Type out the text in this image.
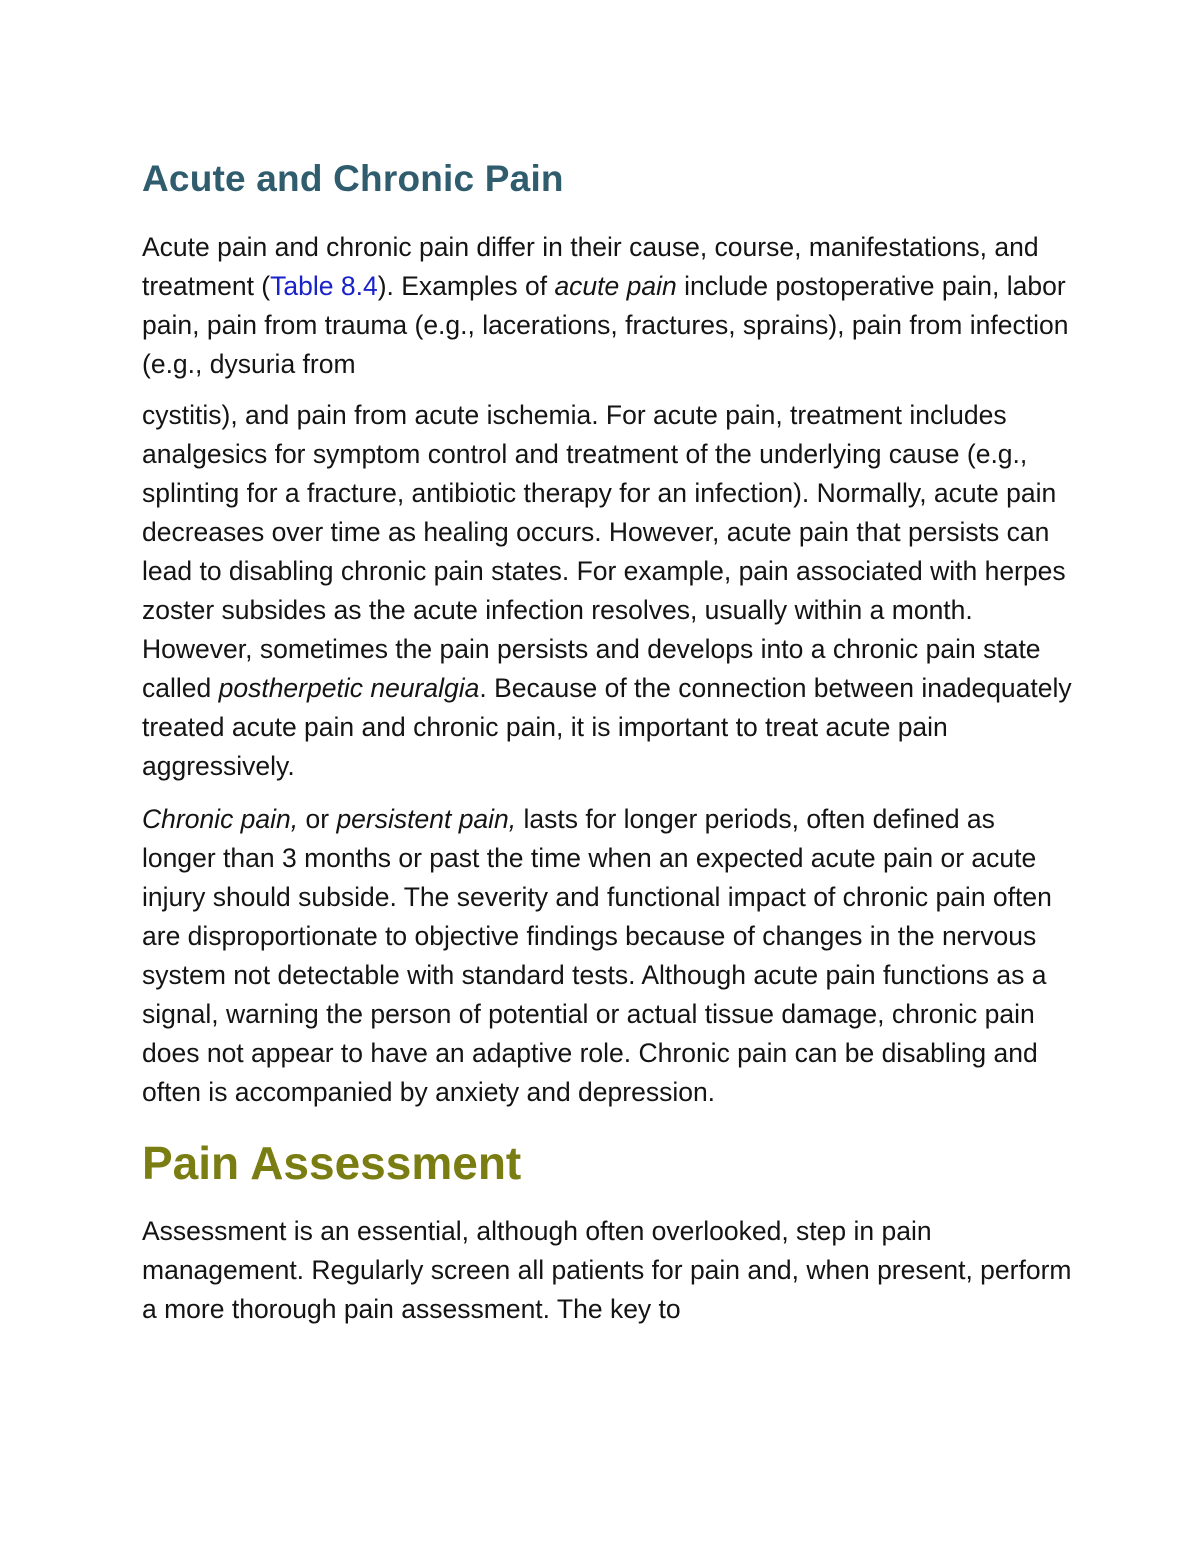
Acute and Chronic Pain

Acute pain and chronic pain differ in their cause, course, manifestations, and treatment (Table 8.4). Examples of acute pain include postoperative pain, labor pain, pain from trauma (e.g., lacerations, fractures, sprains), pain from infection (e.g., dysuria from
cystitis), and pain from acute ischemia. For acute pain, treatment includes analgesics for symptom control and treatment of the underlying cause (e.g., splinting for a fracture, antibiotic therapy for an infection). Normally, acute pain decreases over time as healing occurs. However, acute pain that persists can lead to disabling chronic pain states. For example, pain associated with herpes zoster subsides as the acute infection resolves, usually within a month. However, sometimes the pain persists and develops into a chronic pain state called postherpetic neuralgia. Because of the connection between inadequately treated acute pain and chronic pain, it is important to treat acute pain aggressively.

Chronic pain, or persistent pain, lasts for longer periods, often defined as longer than 3 months or past the time when an expected acute pain or acute injury should subside. The severity and functional impact of chronic pain often are disproportionate to objective findings because of changes in the nervous system not detectable with standard tests. Although acute pain functions as a signal, warning the person of potential or actual tissue damage, chronic pain does not appear to have an adaptive role. Chronic pain can be disabling and often is accompanied by anxiety and depression.

Pain Assessment

Assessment is an essential, although often overlooked, step in pain management. Regularly screen all patients for pain and, when present, perform a more thorough pain assessment. The key to
